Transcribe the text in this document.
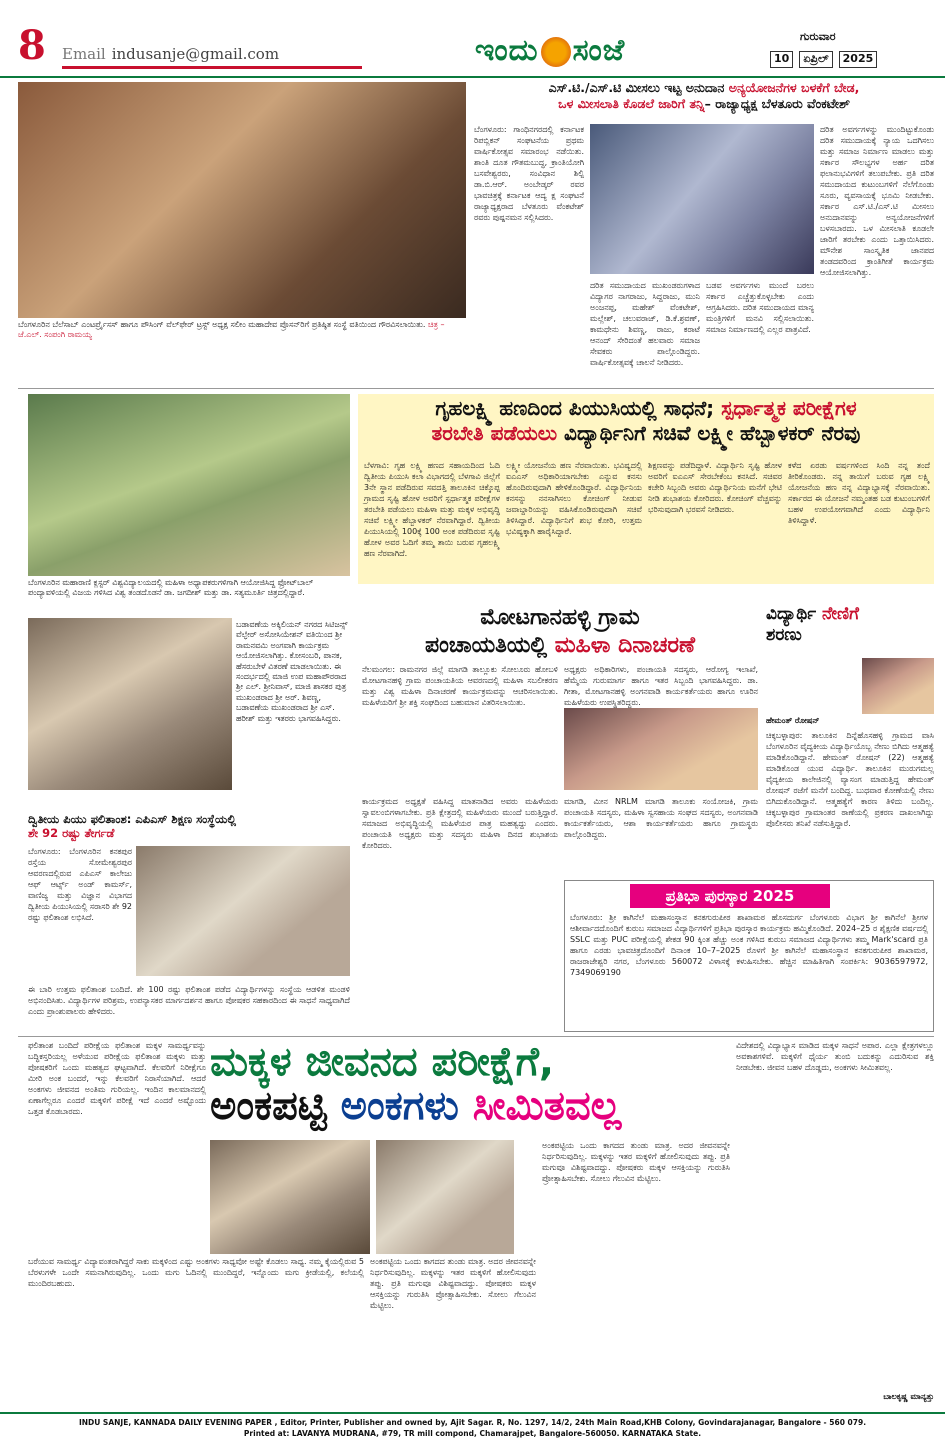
8 Email indusanje@gmail.com	ಇಂದು ಸಂಜೆ	ಗುರುವಾರ
10	ಏಪ್ರಿಲ್	2025
ಬೆಂಗಳೂರಿನ ಬೆಲೆಸಾಬ್ ಎಂಟರ್ಪ್ರೈಸಸ್ ಹಾಗೂ ಪೌಸಿಂಗ್ ವೆಲ್‌ಫೇರ್ ಟ್ರಸ್ಟ್ ಅಧ್ಯಕ್ಷ ಸಲೀಂ ಮಹಾದೇವ ಪ್ರೊಸನ್‌ರಿಗೆ ಪ್ರತಿಷ್ಠಿತ ಸಂಸ್ಥೆ ವತಿಯಿಂದ ಗೌರವಿಸಲಾಯಿತು. ಚಿತ್ರ – ಜೆ.ಎಲ್. ಸಂಪಂಗಿ ರಾಮಯ್ಯ
ಎಸ್.ಟಿ./ಎಸ್.ಟಿ ಮೀಸಲು ಇಟ್ಟ ಅನುದಾನ ಅನ್ಯಯೋಜನೆಗಳ ಬಳಕೆಗೆ ಬೇಡ,
ಒಳ ಮೀಸಲಾತಿ ಕೊಡಲೆ ಜಾರಿಗೆ ತನ್ನಿ– ರಾಜ್ಯಾಧ್ಯಕ್ಷ ಬೆಳತೂರು ವೆಂಕಟೇಶ್
ಬೆಂಗಳೂರು: ಗಾಂಧಿನಗರದಲ್ಲಿ ಕರ್ನಾಟಕ ರಿಪಬ್ಲಿಕನ್ ಸಂಘಟನೆಯ ಪ್ರಥಮ ವಾರ್ಷಿಕೋತ್ಸವ ಸಮಾರಂಭ ನಡೆಯಿತು. ಶಾಂತಿ ದೂತ ಗೌತಮಬುದ್ಧ, ಕ್ರಾಂತಿಯೋಗಿ ಬಸವೇಶ್ವರರು, ಸಂವಿಧಾನ ಶಿಲ್ಪಿ ಡಾ.ಬಿ.ಆರ್. ಅಂಬೇಡ್ಕರ್ ರವರ ಭಾವಚಿತ್ರಕ್ಕೆ ಕರ್ನಾಟಕ ಆದ್ಯ ಕ್ಷ ಸಂಘಟನೆ ರಾಜ್ಯಾಧ್ಯಕ್ಷರಾದ ಬೆಳತೂರು ವೆಂಕಟೇಶ್ ರವರು ಪುಷ್ಪನಮನ ಸಲ್ಲಿಸಿದರು.
ದರಿತ ಸಮುದಾಯದ ಮುಖಂಡರುಗಳಾದ ವಿದ್ಯಾಗರ ನಾಗರಾಜು, ಸಿದ್ದರಾಜು, ಮುನಿ ಅಂಜನಪ್ಪ, ಮಹೇಶ್ ವೆಂಕಟೇಶ್, ಮಲ್ಲೇಶ್, ಚಲುವರಾಜ್, ಡಿ.ಕೆ.ಶ್ರವಣ್, ಕಾಮಧೇನು ಶಿವಣ್ಣ, ರಾಜು, ಕರಾಟೆ ಆನಂದ್ ಸೇರಿದಂತೆ ಹಲವಾರು ಸಮಾಜ ಸೇವಕರು ಪಾಲ್ಗೊಂಡಿದ್ದರು. ವಾರ್ಷಿಕೋತ್ಸವಕ್ಕೆ ಚಾಲನೆ ನೀಡಿದರು.
ಬಡವ ಅವರ್ಗಗಳು ಮುಂದೆ ಬರಲು ಸರ್ಕಾರ ಎಚ್ಚೆತ್ತುಕೊಳ್ಳಬೇಕು ಎಂದು ಆಗ್ರಹಿಸಿದರು. ದರಿತ ಸಮುದಾಯದ ಮಾನ್ಯ ಮಂತ್ರಿಗಳಿಗೆ ಮನವಿ ಸಲ್ಲಿಸಲಾಯಿತು. ಸಮಾಜ ನಿರ್ಮಾಣದಲ್ಲಿ ಎಲ್ಲರ ಪಾತ್ರವಿದೆ.
ದರಿತ ಅವರ್ಗಗಳನ್ನು ಮುಂದಿಟ್ಟುಕೊಂಡು ದರಿತ ಸಮುದಾಯಕ್ಕೆ ನ್ಯಾಯ ಒದಗಿಸಲು ಮತ್ತು ಸಮಾಜ ನಿರ್ಮಾಣ ಮಾಡಲು ಮತ್ತು ಸರ್ಕಾರ ಸೌಲಭ್ಯಗಳ ಅರ್ಹ ದರಿತ ಫಲಾನುಭವಿಗಳಿಗೆ ತಲುಪಬೇಕು. ಪ್ರತಿ ದರಿತ ಸಮುದಾಯದ ಕುಟುಂಬಗಳಿಗೆ ನೆಲೆಗೊಂಡು ಸೂರು, ವ್ಯವಸಾಯಕ್ಕೆ ಭೂಮಿ ನೀಡಬೇಕು. ಸರ್ಕಾರ ಎಸ್.ಟಿ./ಎಸ್.ಟಿ ಮೀಸಲು ಅನುದಾನವನ್ನು ಅನ್ಯಯೋಜನೆಗಳಿಗೆ ಬಳಸಬಾರದು. ಒಳ ಮೀಸಲಾತಿ ಕೂಡಲೇ ಜಾರಿಗೆ ತರಬೇಕು ಎಂದು ಒತ್ತಾಯಿಸಿದರು. ಮೌನೇಶ ಸಾಂಸ್ಕೃತಿಕ ಜಾನಪದ ತಂಡದವರಿಂದ ಕ್ರಾಂತಿಗೀತೆ ಕಾರ್ಯಕ್ರಮ ಆಯೋಜಿಸಲಾಗಿತ್ತು.
ಬೆಂಗಳೂರಿನ ಮಹಾರಾಣಿ ಕ್ಲಸ್ಟರ್ ವಿಶ್ವವಿದ್ಯಾಲಯದಲ್ಲಿ ಮಹಿಳಾ ಅಧ್ಯಾಪಕರುಗಳಿಗಾಗಿ ಆಯೋಜಿಸಿದ್ದ ಫ್ರೋಟ್‌ಬಾಲ್ ಪಂದ್ಯಾವಳಿಯಲ್ಲಿ ವಿಜಯ ಗಳಿಸಿದ ವಿಶ್ವ ತಂಡದೊಡನೆ ಡಾ. ಜಗದೀಶ್ ಮತ್ತು ಡಾ. ಸತ್ಯಮೂರ್ತಿ ಚಿತ್ರದಲ್ಲಿದ್ದಾರೆ.
ಗೃಹಲಕ್ಷ್ಮಿ ಹಣದಿಂದ ಪಿಯುಸಿಯಲ್ಲಿ ಸಾಧನೆ; ಸ್ಪರ್ಧಾತ್ಮಕ ಪರೀಕ್ಷೆಗಳ
ತರಬೇತಿ ಪಡೆಯಲು ವಿದ್ಯಾರ್ಥಿನಿಗೆ ಸಚಿವೆ ಲಕ್ಷ್ಮೀ ಹೆಬ್ಬಾಳಕರ್ ನೆರವು
ಬೆಳಗಾವಿ: ಗೃಹ ಲಕ್ಷ್ಮಿ ಹಣದ ಸಹಾಯದಿಂದ ಓದಿ ದ್ವಿತೀಯ ಪಿಯುಸಿ ಕಲಾ ವಿಭಾಗದಲ್ಲಿ ಬೆಳಗಾವಿ ಜಿಲ್ಲೆಗೆ 3ನೇ ಸ್ಥಾನ ಪಡೆದಿರುವ ಸವದತ್ತಿ ತಾಲೂಕಿನ ಚಿಕ್ಕೊಪ್ಪ ಗ್ರಾಮದ ಸೃಷ್ಟಿ ಹೋಳ ಅವರಿಗೆ ಸ್ಪರ್ಧಾತ್ಮಕ ಪರೀಕ್ಷೆಗಳ ತರಬೇತಿ ಪಡೆಯಲು ಮಹಿಳಾ ಮತ್ತು ಮಕ್ಕಳ ಅಭಿವೃದ್ಧಿ ಸಚಿವೆ ಲಕ್ಷ್ಮೀ ಹೆಬ್ಬಾಳಕರ್ ನೆರವಾಗಿದ್ದಾರೆ. ದ್ವಿತೀಯ ಪಿಯುಸಿಯಲ್ಲಿ 100ಕ್ಕೆ 100 ಅಂಕ ಪಡೆದಿರುವ ಸೃಷ್ಟಿ ಹೋಳ ಅವರ ಓದಿಗೆ ತಮ್ಮ ತಾಯಿ ಬರುವ ಗೃಹಲಕ್ಷ್ಮಿ ಹಣ ನೆರವಾಗಿದೆ.
ಲಕ್ಷ್ಮೀ ಯೋಜನೆಯ ಹಣ ನೆರವಾಯಿತು. ಭವಿಷ್ಯದಲ್ಲಿ ಐಎಎಸ್ ಅಧಿಕಾರಿಯಾಗಬೇಕು ಎನ್ನುವ ಕನಸು ಹೊಂದಿರುವುದಾಗಿ ಹೇಳಿಕೊಂಡಿದ್ದಾರೆ. ವಿದ್ಯಾರ್ಥಿನಿಯ ಕನಸನ್ನು ನನಸಾಗಿಸಲು ಕೋಚಿಂಗ್ ನೀಡುವ ಜವಾಬ್ದಾರಿಯನ್ನು ವಹಿಸಿಕೊಂಡಿರುವುದಾಗಿ ಸಚಿವೆ ತಿಳಿಸಿದ್ದಾರೆ. ವಿದ್ಯಾರ್ಥಿನಿಗೆ ಶುಭ ಕೋರಿ, ಉತ್ತಮ ಭವಿಷ್ಯಕ್ಕಾಗಿ ಹಾರೈಸಿದ್ದಾರೆ.
ಶಿಕ್ಷಣವನ್ನು ಪಡೆದಿದ್ದಾಳೆ. ವಿದ್ಯಾರ್ಥಿನಿ ಸೃಷ್ಟಿ ಹೋಳ ಅವರಿಗೆ ಐಎಎಸ್ ಸೇರಬೇಕೆಂಬ ಕನಸಿದೆ. ಸಚಿವರ ಕಚೇರಿ ಸಿಬ್ಬಂದಿ ಅವರು ವಿದ್ಯಾರ್ಥಿನಿಯ ಮನೆಗೆ ಭೇಟಿ ನೀಡಿ ಶುಭಾಶಯ ಕೋರಿದರು. ಕೋಚಿಂಗ್ ವೆಚ್ಚವನ್ನು ಭರಿಸುವುದಾಗಿ ಭರವಸೆ ನೀಡಿದರು.
ಕಳೆದ ಏರಡು ವರ್ಷಗಳಿಂದ ಸಿಂದಿ ನನ್ನ ತಂದೆ ತೀರಿಕೊಂಡರು. ನನ್ನ ತಾಯಿಗೆ ಬರುವ ಗೃಹ ಲಕ್ಷ್ಮಿ ಯೋಜನೆಯ ಹಣ ನನ್ನ ವಿದ್ಯಾಭ್ಯಾಸಕ್ಕೆ ನೆರವಾಯಿತು. ಸರ್ಕಾರದ ಈ ಯೋಜನೆ ನಮ್ಮಂತಹ ಬಡ ಕುಟುಂಬಗಳಿಗೆ ಬಹಳ ಉಪಯೋಗವಾಗಿದೆ ಎಂದು ವಿದ್ಯಾರ್ಥಿನಿ ತಿಳಿಸಿದ್ದಾಳೆ.
ಬಡಾವಣೆಯ ಅಕ್ಕಿಲಿಯನ್ ನಗರದ ಸಿಟಿಜನ್ಸ್ ವೆಲ್ಫೇರ್ ಅಸೋಸಿಯೇಶನ್ ವತಿಯಿಂದ ಶ್ರೀ ರಾಮನವಮಿ ಅಂಗವಾಗಿ ಕಾರ್ಯಕ್ರಮ ಆಯೋಜಿಸಲಾಗಿತ್ತು. ಕೋಸಂಬರಿ, ಪಾನಕ, ಹೆಸರುಬೇಳೆ ವಿತರಣೆ ಮಾಡಲಾಯಿತು. ಈ ಸಂದರ್ಭದಲ್ಲಿ ಮಾಜಿ ಉಪ ಮಹಾಪೌರರಾದ ಶ್ರೀ ಎಲ್. ಶ್ರೀನಿವಾಸ್, ಮಾಜಿ ಶಾಸಕರ ಪುತ್ರ ಮುಖಂಡರಾದ ಶ್ರೀ ಅರ್. ಶಿವಣ್ಣ, ಬಡಾವಣೆಯ ಮುಖಂಡರಾದ ಶ್ರೀ ಎಸ್. ಹರೀಶ್ ಮತ್ತು ಇತರರು ಭಾಗವಹಿಸಿದ್ದರು.
ದ್ವಿತೀಯ ಪಿಯು ಫಲಿತಾಂಶ: ಎಪಿಎಸ್ ಶಿಕ್ಷಣ ಸಂಸ್ಥೆಯಲ್ಲಿ
ಶೇ 92 ರಷ್ಟು ತೇರ್ಗಡೆ
ಬೆಂಗಳೂರು: ಬೆಂಗಳೂರಿನ ಕನಕಪುರ ರಸ್ತೆಯ ಸೋಮೇಶ್ವರಪುರ ಆವರಣದಲ್ಲಿರುವ ಎಪಿಎಸ್ ಕಾಲೇಜು ಆಫ್ ಆರ್ಟ್ಸ್ ಅಂಡ್ ಕಾಮರ್ಸ್, ವಾಣಿಜ್ಯ ಮತ್ತು ವಿಜ್ಞಾನ ವಿಭಾಗದ ದ್ವಿತೀಯ ಪಿಯುಸಿಯಲ್ಲಿ ಸರಾಸರಿ ಶೇ 92 ರಷ್ಟು ಫಲಿತಾಂಶ ಲಭಿಸಿದೆ.
ಈ ಬಾರಿ ಉತ್ತಮ ಫಲಿತಾಂಶ ಬಂದಿದೆ. ಶೇ 100 ರಷ್ಟು ಫಲಿತಾಂಶ ಪಡೆದ ವಿದ್ಯಾರ್ಥಿಗಳನ್ನು ಸಂಸ್ಥೆಯ ಆಡಳಿತ ಮಂಡಳಿ ಅಭಿನಂದಿಸಿತು. ವಿದ್ಯಾರ್ಥಿಗಳ ಪರಿಶ್ರಮ, ಉಪನ್ಯಾಸಕರ ಮಾರ್ಗದರ್ಶನ ಹಾಗೂ ಪೋಷಕರ ಸಹಕಾರದಿಂದ ಈ ಸಾಧನೆ ಸಾಧ್ಯವಾಗಿದೆ ಎಂದು ಪ್ರಾಂಶುಪಾಲರು ಹೇಳಿದರು.
ಮೋಟಗಾನಹಳ್ಳಿ ಗ್ರಾಮ
ಪಂಚಾಯತಿಯಲ್ಲಿ ಮಹಿಳಾ ದಿನಾಚರಣೆ
ನೆಲಮಂಗಲ: ರಾಮನಗರ ಜಿಲ್ಲೆ ಮಾಗಡಿ ತಾಲ್ಲೂಕು ಸೋಲೂರು ಹೋಬಳಿ ಮೋಟಗಾನಹಳ್ಳಿ ಗ್ರಾಮ ಪಂಚಾಯತಿಯ ಆವರಣದಲ್ಲಿ ಮಹಿಳಾ ಸಬಲೀಕರಣ ಮತ್ತು ವಿಶ್ವ ಮಹಿಳಾ ದಿನಾಚರಣೆ ಕಾರ್ಯಕ್ರಮವನ್ನು ಆಚರಿಸಲಾಯಿತು. ಮಹಿಳೆಯರಿಗೆ ಶ್ರೀ ಶಕ್ತಿ ಸಂಘದಿಂದ ಬಹುಮಾನ ವಿತರಿಸಲಾಯಿತು.
ಅಧ್ಯಕ್ಷರು ಅಧಿಕಾರಿಗಳು, ಪಂಚಾಯತಿ ಸದಸ್ಯರು, ಆರೋಗ್ಯ ಇಲಾಖೆ, ಹೆಮ್ಮೆಯ ಗುರುಮಾರ್ಗ ಹಾಗೂ ಇತರ ಸಿಬ್ಬಂದಿ ಭಾಗವಹಿಸಿದ್ದರು. ಡಾ. ಗೀತಾ, ಮೋಟಗಾನಹಳ್ಳಿ ಅಂಗನವಾಡಿ ಕಾರ್ಯಕರ್ತೆಯರು ಹಾಗೂ ಊರಿನ ಮಹಿಳೆಯರು ಉಪಸ್ಥಿತರಿದ್ದರು.
ಕಾರ್ಯಕ್ರಮದ ಅಧ್ಯಕ್ಷತೆ ವಹಿಸಿದ್ದ ಮಾತನಾಡಿದ ಅವರು ಮಹಿಳೆಯರು ಸ್ವಾವಲಂಬಿಗಳಾಗಬೇಕು. ಪ್ರತಿ ಕ್ಷೇತ್ರದಲ್ಲಿ ಮಹಿಳೆಯರು ಮುಂದೆ ಬರುತ್ತಿದ್ದಾರೆ. ಸಮಾಜದ ಅಭಿವೃದ್ಧಿಯಲ್ಲಿ ಮಹಿಳೆಯರ ಪಾತ್ರ ಮಹತ್ವದ್ದು ಎಂದರು. ಪಂಚಾಯತಿ ಅಧ್ಯಕ್ಷರು ಮತ್ತು ಸದಸ್ಯರು ಮಹಿಳಾ ದಿನದ ಶುಭಾಶಯ ಕೋರಿದರು.
ಮಾಗಡಿ, ಮೀನ NRLM ಮಾಗಡಿ ತಾಲೂಕು ಸಂಯೋಜಕಿ, ಗ್ರಾಮ ಪಂಚಾಯತಿ ಸದಸ್ಯರು, ಮಹಿಳಾ ಸ್ವಸಹಾಯ ಸಂಘದ ಸದಸ್ಯರು, ಅಂಗನವಾಡಿ ಕಾರ್ಯಕರ್ತೆಯರು, ಆಶಾ ಕಾರ್ಯಕರ್ತೆಯರು ಹಾಗೂ ಗ್ರಾಮಸ್ಥರು ಪಾಲ್ಗೊಂಡಿದ್ದರು.
ವಿದ್ಯಾರ್ಥಿ ನೇಣಿಗೆ
ಶರಣು
ಹೇಮಂತ್ ರೋಷನ್
ಚಿಕ್ಕಬಳ್ಳಾಪುರ: ತಾಲೂಕಿನ ದಿನ್ನೆಹೊಸಹಳ್ಳಿ ಗ್ರಾಮದ ವಾಸಿ ಬೆಂಗಳೂರಿನ ವೈದ್ಯಕೀಯ ವಿದ್ಯಾರ್ಥಿಯೊಬ್ಬ ನೇಣು ಬಿಗಿದು ಆತ್ಮಹತ್ಯೆ ಮಾಡಿಕೊಂಡಿದ್ದಾನೆ. ಹೇಮಂತ್ ರೋಷನ್ (22) ಆತ್ಮಹತ್ಯೆ ಮಾಡಿಕೊಂಡ ಯುವ ವಿದ್ಯಾರ್ಥಿ. ತಾಲೂಕಿನ ಮುರುಗಮಲ್ಲ ವೈದ್ಯಕೀಯ ಕಾಲೇಜಿನಲ್ಲಿ ವ್ಯಾಸಂಗ ಮಾಡುತ್ತಿದ್ದ ಹೇಮಂತ್ ರೋಷನ್ ರಜೆಗೆ ಮನೆಗೆ ಬಂದಿದ್ದ. ಬುಧವಾರ ಕೋಣೆಯಲ್ಲಿ ನೇಣು ಬಿಗಿದುಕೊಂಡಿದ್ದಾನೆ. ಆತ್ಮಹತ್ಯೆಗೆ ಕಾರಣ ತಿಳಿದು ಬಂದಿಲ್ಲ. ಚಿಕ್ಕಬಳ್ಳಾಪುರ ಗ್ರಾಮಾಂತರ ಠಾಣೆಯಲ್ಲಿ ಪ್ರಕರಣ ದಾಖಲಾಗಿದ್ದು ಪೊಲೀಸರು ತನಿಖೆ ನಡೆಸುತ್ತಿದ್ದಾರೆ.
ಪ್ರತಿಭಾ ಪುರಸ್ಕಾರ 2025
ಬೆಂಗಳೂರು: ಶ್ರೀ ಕಾಗಿನೆಲೆ ಮಹಾಸಂಸ್ಥಾನ ಕನಕಗುರುಪೀಠ ಶಾಖಾಮಠ ಹೊಸದುರ್ಗ ಬೆಂಗಳೂರು ವಿಭಾಗ ಶ್ರೀ ಕಾಗಿನೆಲೆ ಶ್ರೀಗಳ ಆಶೀರ್ವಾದದೊಂದಿಗೆ ಕುರುಬ ಸಮಾಜದ ವಿದ್ಯಾರ್ಥಿಗಳಿಗೆ ಪ್ರತಿಭಾ ಪುರಸ್ಕಾರ ಕಾರ್ಯಕ್ರಮ ಹಮ್ಮಿಕೊಂಡಿದೆ. 2024–25 ರ ಶೈಕ್ಷಣಿಕ ವರ್ಷದಲ್ಲಿ SSLC ಮತ್ತು PUC ಪರೀಕ್ಷೆಯಲ್ಲಿ ಶೇಕಡ 90 ಕ್ಕಿಂತ ಹೆಚ್ಚು ಅಂಕ ಗಳಿಸಿದ ಕುರುಬ ಸಮಾಜದ ವಿದ್ಯಾರ್ಥಿಗಳು ತಮ್ಮ Mark'scard ಪ್ರತಿ ಹಾಗೂ ಎರಡು ಭಾವಚಿತ್ರದೊಂದಿಗೆ ದಿನಾಂಕ 10–7–2025 ರೊಳಗೆ ಶ್ರೀ ಕಾಗಿನೆಲೆ ಮಹಾಸಂಸ್ಥಾನ ಕನಕಗುರುಪೀಠ ಶಾಖಾಮಠ, ರಾಜರಾಜೇಶ್ವರಿ ನಗರ, ಬೆಂಗಳೂರು 560072 ವಿಳಾಸಕ್ಕೆ ಕಳುಹಿಸಬೇಕು. ಹೆಚ್ಚಿನ ಮಾಹಿತಿಗಾಗಿ ಸಂಪರ್ಕಿಸಿ: 9036597972, 7349069190
ಫಲಿತಾಂಶ ಬಂದಿದೆ ಪರೀಕ್ಷೆಯ ಫಲಿತಾಂಶ ಮಕ್ಕಳ ಸಾಮರ್ಥ್ಯವನ್ನು ಬದ್ಧಿಕಸ್ತರಿಯಲ್ಲ ಅಳೆಯುವ ಪರೀಕ್ಷೆಯ ಫಲಿತಾಂಶ ಮಕ್ಕಳು ಮತ್ತು ಪೋಷಕರಿಗೆ ಒಂದು ಮಹತ್ವದ ಘಟ್ಟವಾಗಿದೆ. ಕೆಲವರಿಗೆ ನಿರೀಕ್ಷೆಗೂ ಮೀರಿ ಅಂಕ ಬಂದರೆ, ಇನ್ನು ಕೆಲವರಿಗೆ ನಿರಾಸೆಯಾಗಿದೆ. ಆದರೆ ಅಂಕಗಳು ಜೀವನದ ಅಂತಿಮ ಗುರಿಯಲ್ಲ. ಇಂದಿನ ಕಾಲಮಾನದಲ್ಲಿ ಏಣಾಗೆಲ್ಲರೂ ಎಂದರೆ ಮಕ್ಕಳಿಗೆ ಪರೀಕ್ಷೆ ಇದೆ ಎಂದರೆ ಅಷ್ಟೊಂದು ಒತ್ತಡ ಕೊಡಬಾರದು.
ಮಕ್ಕಳ ಜೀವನದ ಪರೀಕ್ಷೆಗೆ,
ಅಂಕಪಟ್ಟಿ ಅಂಕಗಳು ಸೀಮಿತವಲ್ಲ
ಬರೆಯುವ ಸಾಮರ್ಥ್ಯ ವಿದ್ಯಾವಂತರಾಗಿದ್ದರೆ ಸಾಕು ಮಕ್ಕಳಿಂದ ಎಷ್ಟು ಅಂಕಗಳು ಸಾಧ್ಯವೋ ಅಷ್ಟೇ ಕೊಡಲು ಸಾಧ್ಯ. ನಮ್ಮ ಕೈಯಲ್ಲಿರುವ 5 ಬೆರಳುಗಳೇ ಒಂದೇ ಸಮನಾಗಿರುವುದಿಲ್ಲ. ಒಂದು ಮಗು ಓದಿನಲ್ಲಿ ಮುಂದಿದ್ದರೆ, ಇನ್ನೊಂದು ಮಗು ಕ್ರೀಡೆಯಲ್ಲಿ, ಕಲೆಯಲ್ಲಿ ಮುಂದಿರಬಹುದು.
ಅಂಕಪಟ್ಟಿಯ ಒಂದು ಕಾಗದದ ತುಂಡು ಮಾತ್ರ. ಅದರ ಜೀವನವನ್ನೇ ನಿರ್ಧರಿಸುವುದಿಲ್ಲ. ಮಕ್ಕಳನ್ನು ಇತರ ಮಕ್ಕಳಿಗೆ ಹೋಲಿಸುವುದು ತಪ್ಪು. ಪ್ರತಿ ಮಗುವೂ ವಿಶಿಷ್ಟವಾದದ್ದು. ಪೋಷಕರು ಮಕ್ಕಳ ಆಸಕ್ತಿಯನ್ನು ಗುರುತಿಸಿ ಪ್ರೋತ್ಸಾಹಿಸಬೇಕು. ಸೋಲು ಗೆಲುವಿನ ಮೆಟ್ಟಿಲು.
ಅಂಕಪಟ್ಟಿಯ ಒಂದು ಕಾಗದದ ತುಂಡು ಮಾತ್ರ. ಅದರ ಜೀವನವನ್ನೇ ನಿರ್ಧರಿಸುವುದಿಲ್ಲ. ಮಕ್ಕಳನ್ನು ಇತರ ಮಕ್ಕಳಿಗೆ ಹೋಲಿಸುವುದು ತಪ್ಪು. ಪ್ರತಿ ಮಗುವೂ ವಿಶಿಷ್ಟವಾದದ್ದು. ಪೋಷಕರು ಮಕ್ಕಳ ಆಸಕ್ತಿಯನ್ನು ಗುರುತಿಸಿ ಪ್ರೋತ್ಸಾಹಿಸಬೇಕು. ಸೋಲು ಗೆಲುವಿನ ಮೆಟ್ಟಿಲು.
ವಿದೇಶದಲ್ಲಿ ವಿದ್ಯಾಭ್ಯಾಸ ಮಾಡಿದ ಮಕ್ಕಳ ಸಾಧನೆ ಅಪಾರ. ಎಲ್ಲಾ ಕ್ಷೇತ್ರಗಳಲ್ಲೂ ಅವಕಾಶಗಳಿವೆ. ಮಕ್ಕಳಿಗೆ ಧೈರ್ಯ ತುಂಬಿ ಬದುಕನ್ನು ಎದುರಿಸುವ ಶಕ್ತಿ ನೀಡಬೇಕು. ಜೀವನ ಬಹಳ ದೊಡ್ಡದು, ಅಂಕಗಳು ಸೀಮಿತವಲ್ಲ.
ಬಾಲಕೃಷ್ಣ ಮಾನ್ಯತ್ತು
INDU SANJE, KANNADA DAILY EVENING PAPER , Editor, Printer, Publisher and owned by, Ajit Sagar. R, No. 1297, 14/2, 24th Main Road,KHB Colony, Govindarajanagar, Bangalore - 560 079.
Printed at: LAVANYA MUDRANA, #79, TR mill compond, Chamarajpet, Bangalore-560050. KARNATAKA State.
